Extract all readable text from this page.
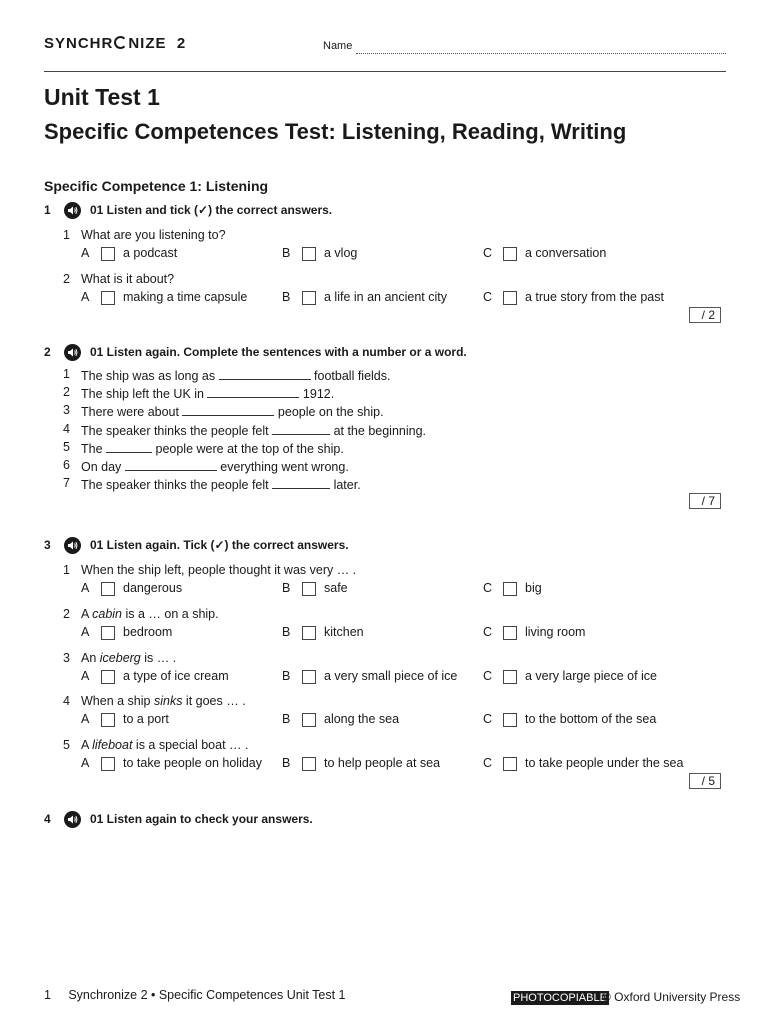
SYNCHR NIZE  2	Name
Unit Test 1
Specific Competences Test: Listening, Reading, Writing
Specific Competence 1: Listening
1	01 Listen and tick (✓) the correct answers.
1 What are you listening to?
A	a podcast	B	a vlog	C	a conversation
2 What is it about?
A	making a time capsule	B	a life in an ancient city	C	a true story from the past
/ 2
2	01 Listen again. Complete the sentences with a number or a word.
1 The ship was as long as	football fields.
2 The ship left the UK in	1912.
3 There were about	people on the ship.
4 The speaker thinks the people felt	at the beginning.
5 The	people were at the top of the ship.
6 On day	everything went wrong.
7 The speaker thinks the people felt	later.
/ 7
3	01 Listen again. Tick (✓) the correct answers.
1 When the ship left, people thought it was very … .
A	dangerous	B	safe	C	big
2 A cabin is a … on a ship.
A	bedroom	B	kitchen	C	living room
3 An iceberg is … .
A	a type of ice cream	B	a very small piece of ice C	a very large piece of ice
4 When a ship sinks it goes … .
A	to a port	B	along the sea	C	to the bottom of the sea
5 A lifeboat is a special boat … .
A	to take people on holiday B	to help people at sea	C	to take people under the sea
/ 5
4	01 Listen again to check your answers.
1     Synchronize 2 • Specific Competences Unit Test 1	PHOTOCOPIABLE
© Oxford University Press
